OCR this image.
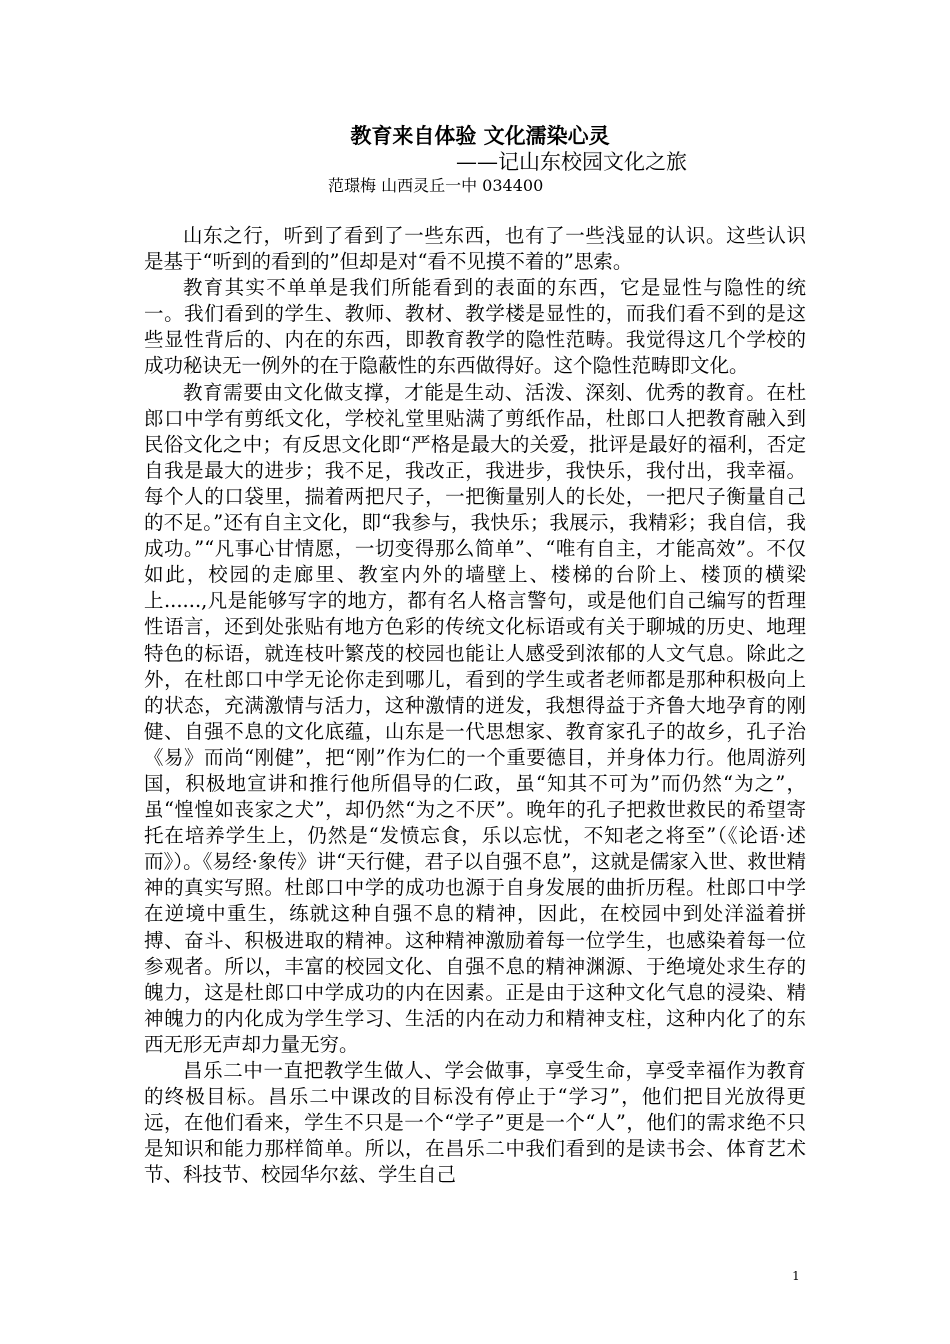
教育来自体验 文化濡染心灵
——记山东校园文化之旅
范璟梅 山西灵丘一中 034400

山东之行，听到了看到了一些东西，也有了一些浅显的认识。这些认识是基于“听到的看到的”但却是对“看不见摸不着的”思索。

教育其实不单单是我们所能看到的表面的东西，它是显性与隐性的统一。我们看到的学生、教师、教材、教学楼是显性的，而我们看不到的是这些显性背后的、内在的东西，即教育教学的隐性范畴。我觉得这几个学校的成功秘诀无一例外的在于隐蔽性的东西做得好。这个隐性范畴即文化。

教育需要由文化做支撑，才能是生动、活泼、深刻、优秀的教育。在杜郎口中学有剪纸文化，学校礼堂里贴满了剪纸作品，杜郎口人把教育融入到民俗文化之中；有反思文化即“严格是最大的关爱，批评是最好的福利，否定自我是最大的进步；我不足，我改正，我进步，我快乐，我付出，我幸福。每个人的口袋里，揣着两把尺子，一把衡量别人的长处，一把尺子衡量自己的不足。”还有自主文化，即“我参与，我快乐；我展示，我精彩；我自信，我成功。”“凡事心甘情愿，一切变得那么简单”、“唯有自主，才能高效”。不仅如此，校园的走廊里、教室内外的墙壁上、楼梯的台阶上、楼顶的横梁上......,凡是能够写字的地方，都有名人格言警句，或是他们自己编写的哲理性语言，还到处张贴有地方色彩的传统文化标语或有关于聊城的历史、地理特色的标语，就连枝叶繁茂的校园也能让人感受到浓郁的人文气息。除此之外，在杜郎口中学无论你走到哪儿，看到的学生或者老师都是那种积极向上的状态，充满激情与活力，这种激情的迸发，我想得益于齐鲁大地孕育的刚健、自强不息的文化底蕴，山东是一代思想家、教育家孔子的故乡，孔子治《易》而尚“刚健”，把“刚”作为仁的一个重要德目，并身体力行。他周游列国，积极地宣讲和推行他所倡导的仁政，虽“知其不可为”而仍然“为之”，虽“惶惶如丧家之犬”，却仍然“为之不厌”。晚年的孔子把救世救民的希望寄托在培养学生上，仍然是“发愤忘食，乐以忘忧，不知老之将至”（《论语·述而》）。《易经·象传》讲“天行健，君子以自强不息”，这就是儒家入世、救世精神的真实写照。杜郎口中学的成功也源于自身发展的曲折历程。杜郎口中学在逆境中重生，练就这种自强不息的精神，因此，在校园中到处洋溢着拼搏、奋斗、积极进取的精神。这种精神激励着每一位学生，也感染着每一位参观者。所以，丰富的校园文化、自强不息的精神渊源、于绝境处求生存的魄力，这是杜郎口中学成功的内在因素。正是由于这种文化气息的浸染、精神魄力的内化成为学生学习、生活的内在动力和精神支柱，这种内化了的东西无形无声却力量无穷。

昌乐二中一直把教学生做人、学会做事，享受生命，享受幸福作为教育的终极目标。昌乐二中课改的目标没有停止于“学习”，他们把目光放得更远，在他们看来，学生不只是一个“学子”更是一个“人”，他们的需求绝不只是知识和能力那样简单。所以，在昌乐二中我们看到的是读书会、体育艺术节、科技节、校园华尔兹、学生自己

1
